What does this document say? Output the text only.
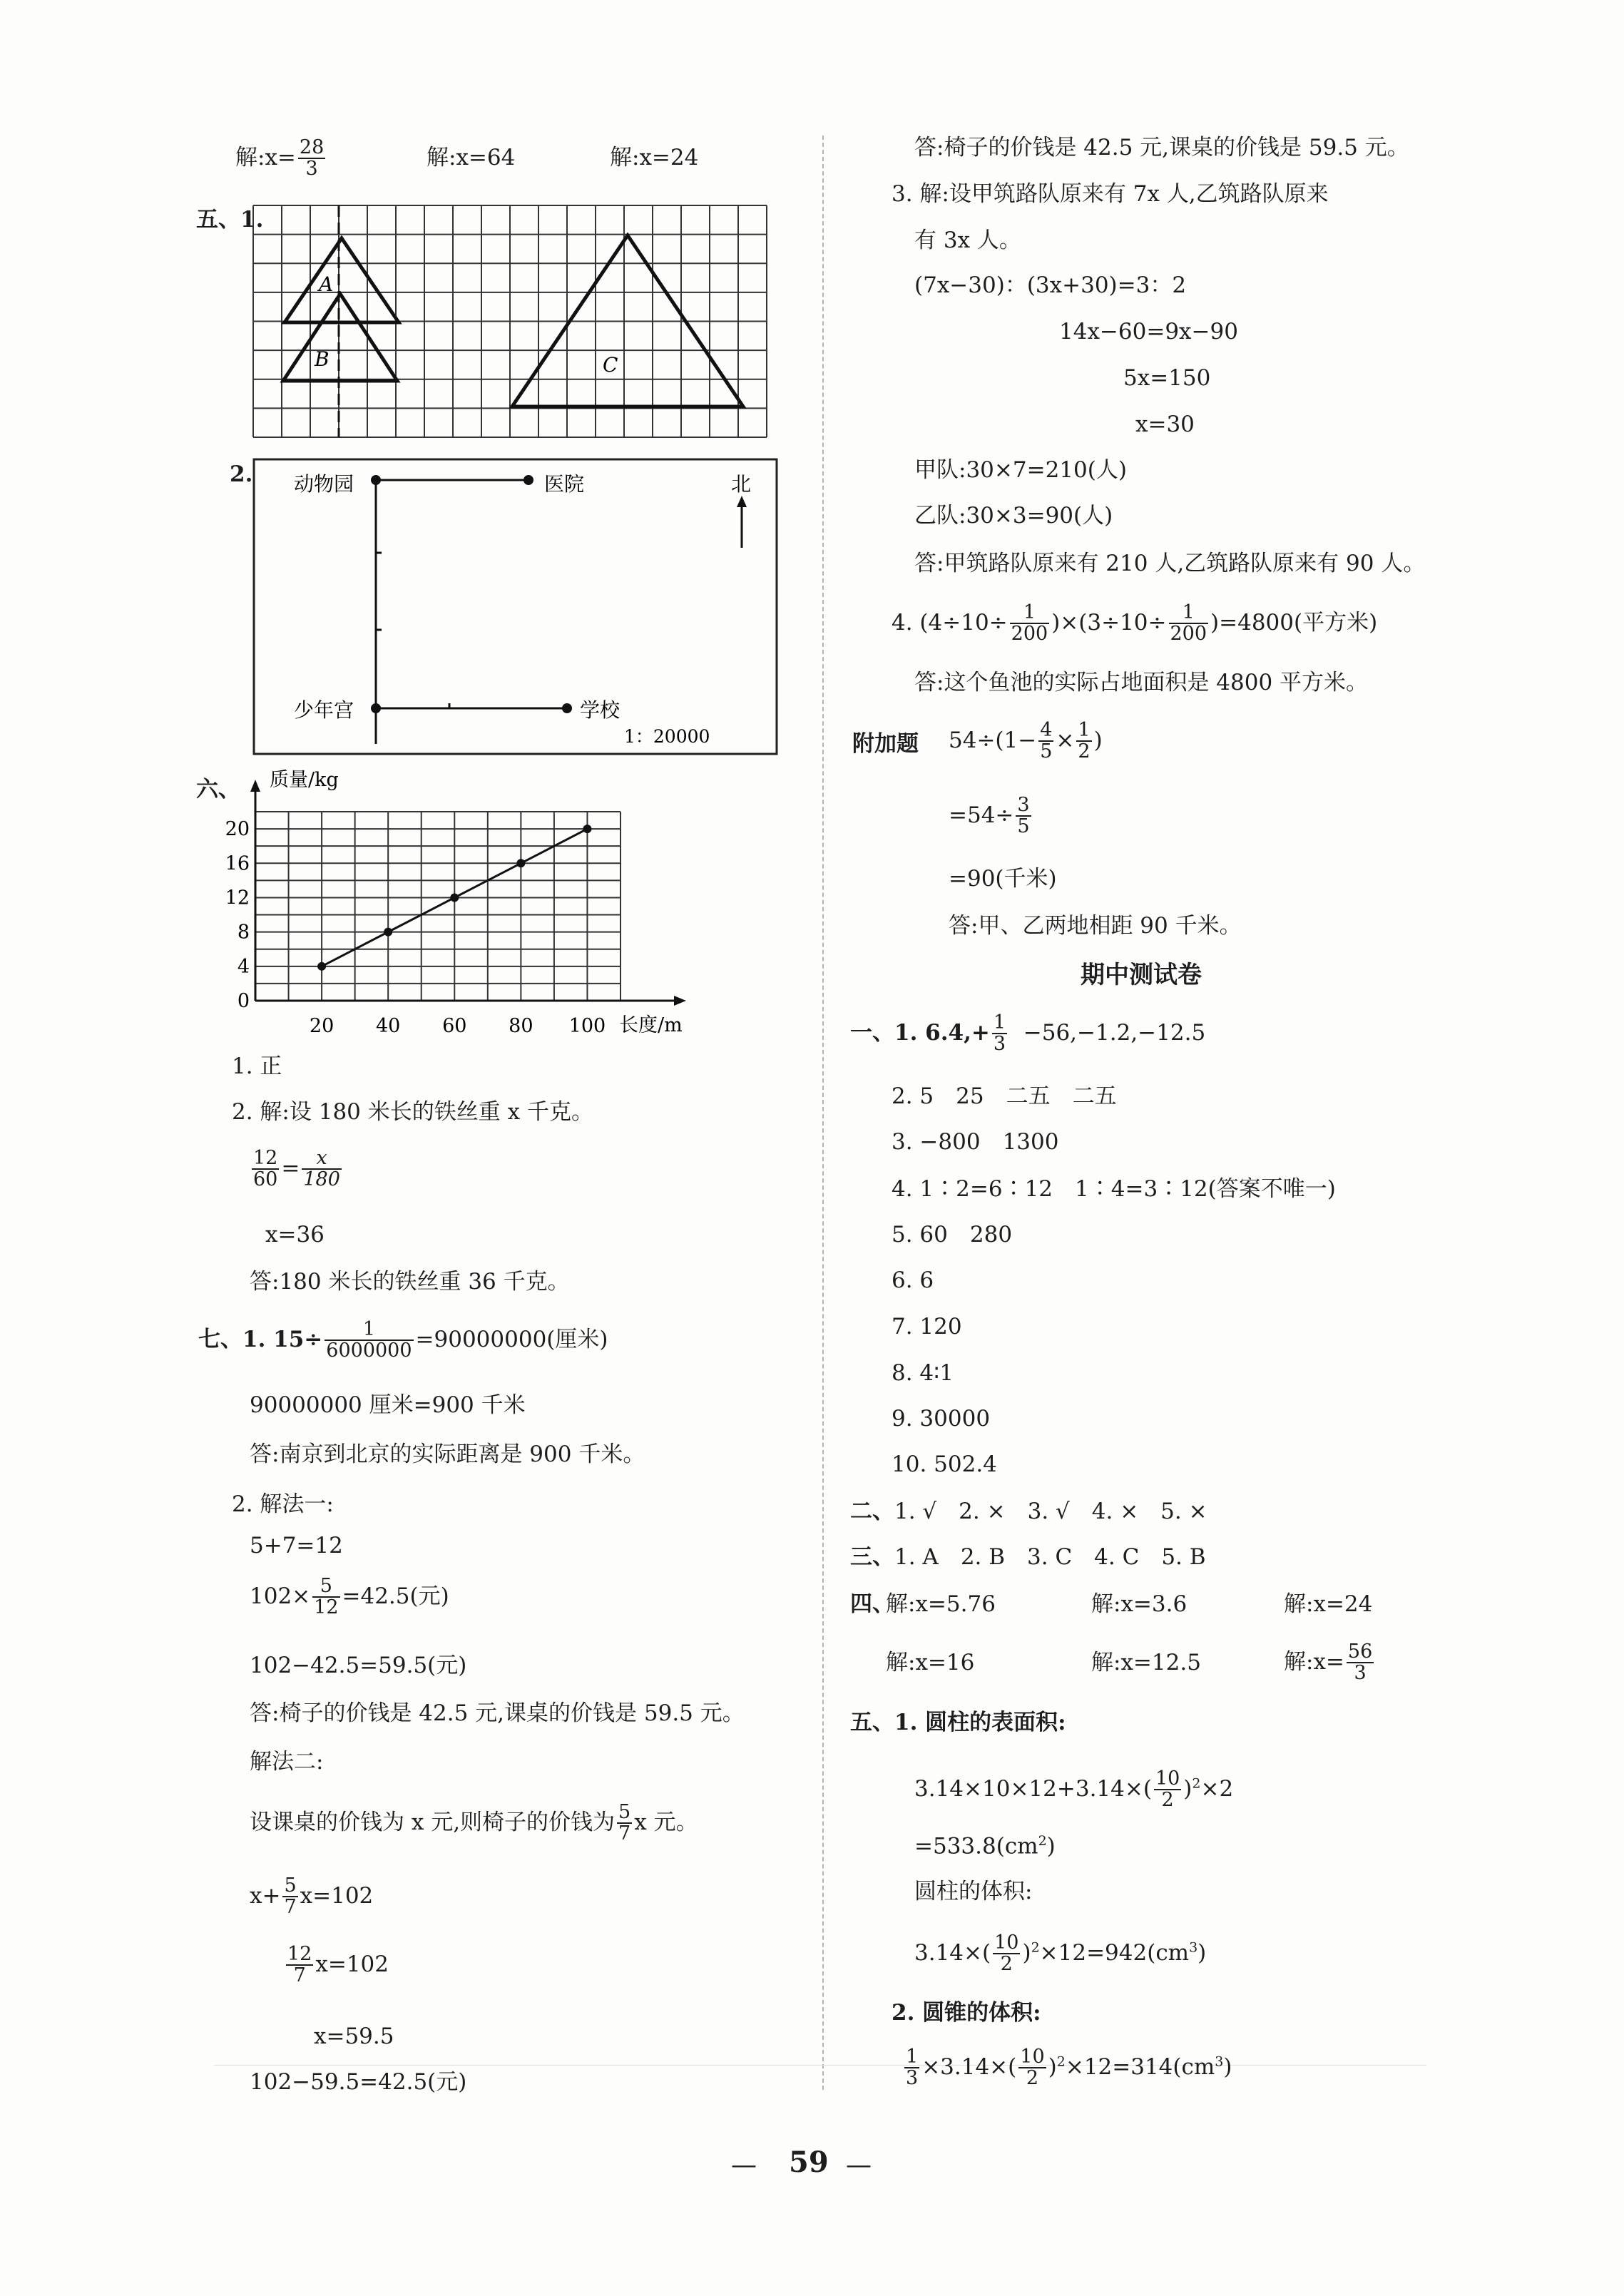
解:x= $\frac{28}{3}$	解:x=64	解:x=24
五、1.
A
B	C
2. 动物园	医院	北
少年宫	学校
1：20000
六、
0
4
8
12
16
20
20 40 60 80 100
质量/kg
长度/m
1. 正
2. 解:设 180 米长的铁丝重 x 千克。
$\frac{12}{60} = \frac{x}{180}$
x=36
答:180 米长的铁丝重 36 千克。
七、1. $15\div \frac{1}{6000000} =90000000$(厘米)
90000000 厘米=900 千米
答:南京到北京的实际距离是 900 千米。
2. 解法一:
5+7=12
$102\times \frac{5}{12} =42.5$(元)
102−42.5=59.5(元)
答:椅子的价钱是 42.5 元,课桌的价钱是 59.5 元。
解法二:
设课桌的价钱为 x 元,则椅子的价钱为 $\frac{5}{7}$ x 元。
$x+ \frac{5}{7} x=102$
$\frac{12}{7} x=102$
x=59.5
102−59.5=42.5(元)
答:椅子的价钱是 42.5 元,课桌的价钱是 59.5 元。
3. 解:设甲筑路队原来有 7x 人,乙筑路队原来
有 3x 人。
(7x−30)：(3x+30)=3：2
14x−60=9x−90
5x=150
x=30
甲队:30×7=210(人)
乙队:30×3=90(人)
答:甲筑路队原来有 210 人,乙筑路队原来有 90 人。
4. $(4\div 10\div \frac{1}{200} )\times(3\div 10\div \frac{1}{200} )=4800$(平方米)
答:这个鱼池的实际占地面积是 4800 平方米。
附加题 $54\div(1- \frac{4}{5} \times \frac{1}{2}$ )
$=54\div \frac{3}{5}$
=90(千米)
答:甲、乙两地相距 90 千米。
期中测试卷
一、1. $6.4,+ \frac{1}{3} -56,-1.2,-12.5$
2. 5　25　二五　二五
3. −800　1300
4. 1∶2=6∶12　1∶4=3∶12(答案不唯一)
5. 60　280
6. 6
7. 120
8. 4∶1
9. 30000
10. 502.4
二、1. √　2. ×　3. √　4. ×　5. ×
三、1. A　2. B　3. C　4. C　5. B
四、
解:x=5.76	解:x=3.6	解:x=24
解:x=16	解:x=12.5	解:x= $\frac{56}{3}$
五、1. 圆柱的表面积:
$3.14\times 10\times 12+3.14\times( \frac{10}{2} )^2\times 2$
$=533.8(cm^2)$
圆柱的体积:
$3.14\times( \frac{10}{2} )^2\times 12=942(cm^3)$
2. 圆锥的体积:
$\frac{1}{3} \times 3.14\times( \frac{10}{2} )^2\times 12=314(cm^3)$
— 59 —
